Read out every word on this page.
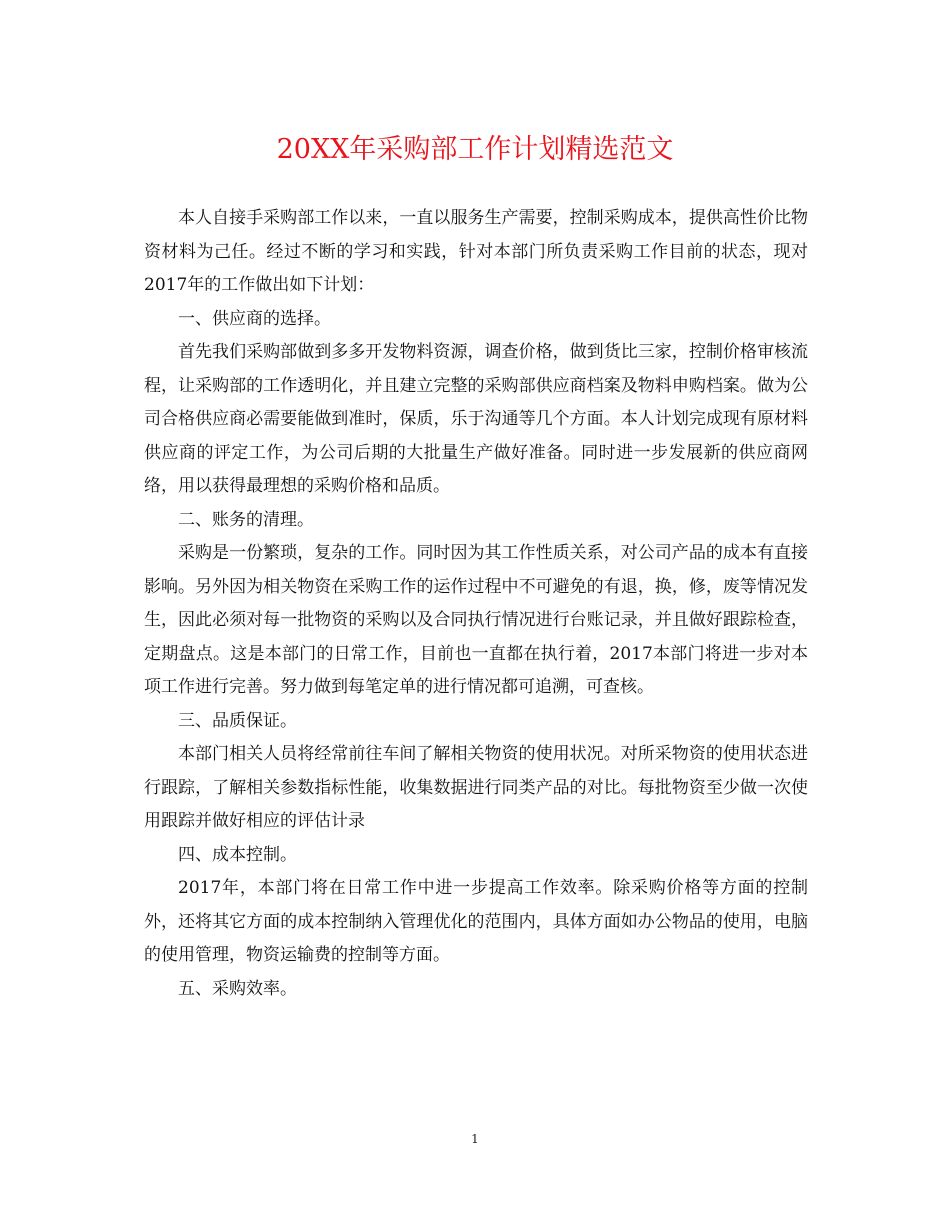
20XX年采购部工作计划精选范文

本人自接手采购部工作以来，一直以服务生产需要，控制采购成本，提供高性价比物资材料为己任。经过不断的学习和实践，针对本部门所负责采购工作目前的状态，现对2017年的工作做出如下计划：

一、供应商的选择。

首先我们采购部做到多多开发物料资源，调查价格，做到货比三家，控制价格审核流程，让采购部的工作透明化，并且建立完整的采购部供应商档案及物料申购档案。做为公司合格供应商必需要能做到准时，保质，乐于沟通等几个方面。本人计划完成现有原材料供应商的评定工作，为公司后期的大批量生产做好准备。同时进一步发展新的供应商网络，用以获得最理想的采购价格和品质。

二、账务的清理。

采购是一份繁琐，复杂的工作。同时因为其工作性质关系，对公司产品的成本有直接影响。另外因为相关物资在采购工作的运作过程中不可避免的有退，换，修，废等情况发生，因此必须对每一批物资的采购以及合同执行情况进行台账记录，并且做好跟踪检查，定期盘点。这是本部门的日常工作，目前也一直都在执行着，2017本部门将进一步对本项工作进行完善。努力做到每笔定单的进行情况都可追溯，可查核。

三、品质保证。

本部门相关人员将经常前往车间了解相关物资的使用状况。对所采物资的使用状态进行跟踪，了解相关参数指标性能，收集数据进行同类产品的对比。每批物资至少做一次使用跟踪并做好相应的评估计录

四、成本控制。

2017年，本部门将在日常工作中进一步提高工作效率。除采购价格等方面的控制外，还将其它方面的成本控制纳入管理优化的范围内，具体方面如办公物品的使用，电脑的使用管理，物资运输费的控制等方面。

五、采购效率。

1
